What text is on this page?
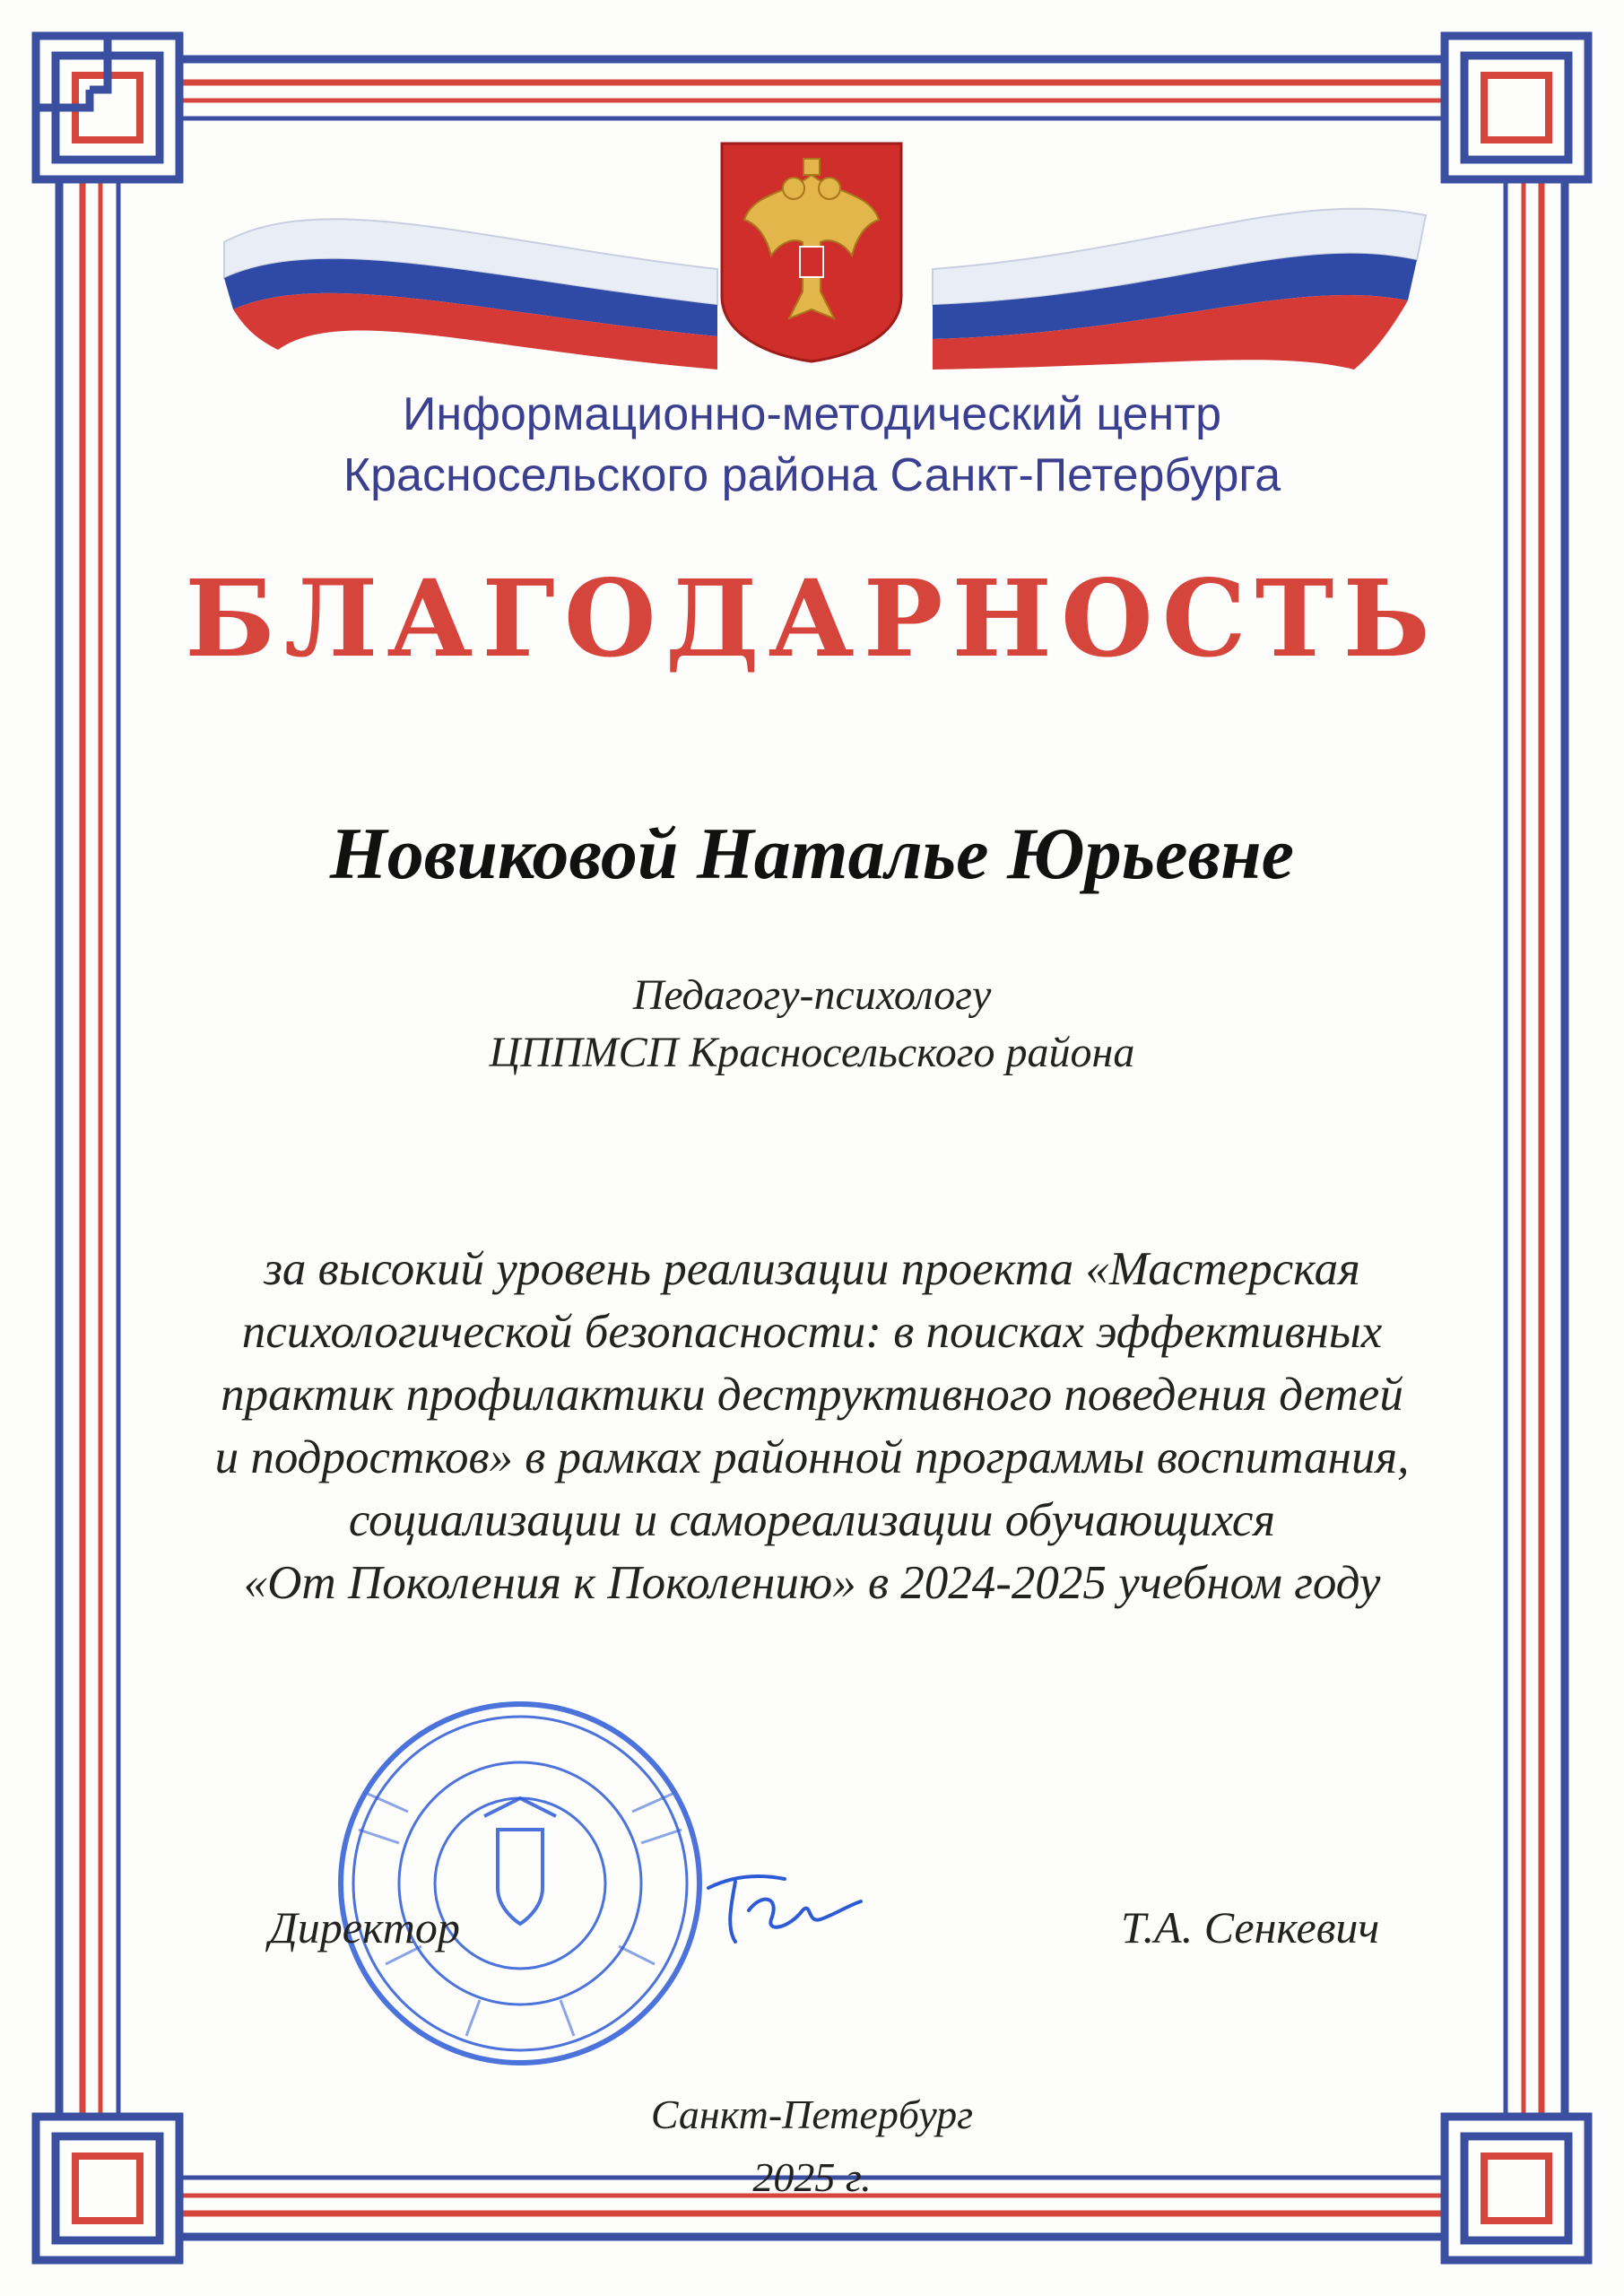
Информационно-методический центр
Красносельского района Санкт-Петербурга
БЛАГОДАРНОСТЬ
Новиковой Наталье Юрьевне
Педагогу-психологу
ЦППМСП Красносельского района
за высокий уровень реализации проекта «Мастерская
психологической безопасности: в поисках эффективных
практик профилактики деструктивного поведения детей
и подростков» в рамках районной программы воспитания,
социализации и самореализации обучающихся
«От Поколения к Поколению» в 2024-2025 учебном году
Директор	Т.А. Сенкевич
Санкт-Петербург
2025 г.
